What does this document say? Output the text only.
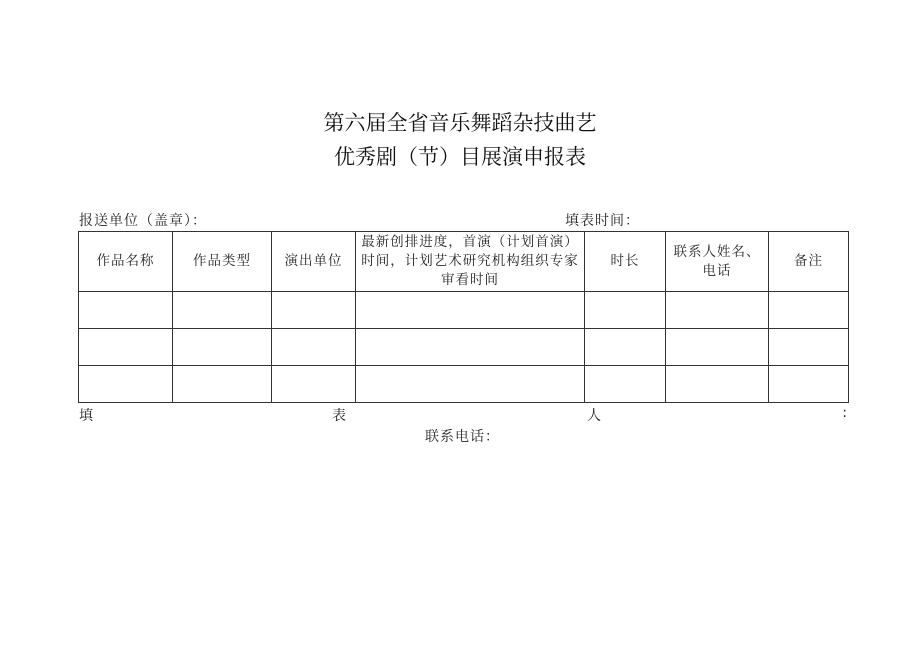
第六届全省音乐舞蹈杂技曲艺
优秀剧（节）目展演申报表
报送单位（盖章）：	填表时间：
作品名称	作品类型	演出单位	最新创排进度，首演（计划首演）时间，计划艺术研究机构组织专家审看时间	时长	联系人姓名、电话	备注

填	表	人	:
联系电话：
